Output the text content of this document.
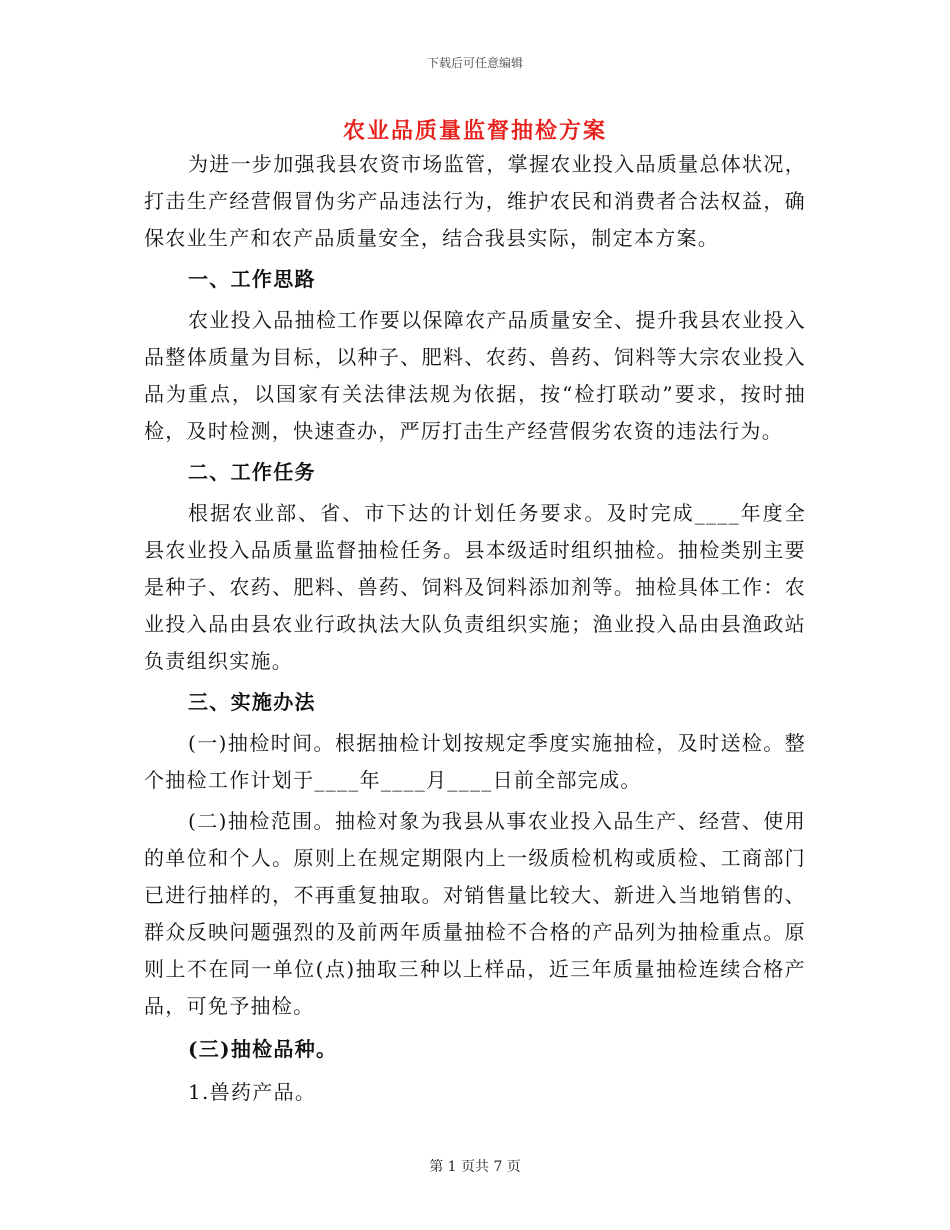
下载后可任意编辑
农业品质量监督抽检方案

为进一步加强我县农资市场监管，掌握农业投入品质量总体状况，打击生产经营假冒伪劣产品违法行为，维护农民和消费者合法权益，确保农业生产和农产品质量安全，结合我县实际，制定本方案。

一、工作思路

农业投入品抽检工作要以保障农产品质量安全、提升我县农业投入品整体质量为目标，以种子、肥料、农药、兽药、饲料等大宗农业投入品为重点，以国家有关法律法规为依据，按“检打联动”要求，按时抽检，及时检测，快速查办，严厉打击生产经营假劣农资的违法行为。

二、工作任务

根据农业部、省、市下达的计划任务要求。及时完成____年度全县农业投入品质量监督抽检任务。县本级适时组织抽检。抽检类别主要是种子、农药、肥料、兽药、饲料及饲料添加剂等。抽检具体工作：农业投入品由县农业行政执法大队负责组织实施；渔业投入品由县渔政站负责组织实施。

三、实施办法

(一)抽检时间。根据抽检计划按规定季度实施抽检，及时送检。整个抽检工作计划于____年____月____日前全部完成。

(二)抽检范围。抽检对象为我县从事农业投入品生产、经营、使用的单位和个人。原则上在规定期限内上一级质检机构或质检、工商部门已进行抽样的，不再重复抽取。对销售量比较大、新进入当地销售的、群众反映问题强烈的及前两年质量抽检不合格的产品列为抽检重点。原则上不在同一单位(点)抽取三种以上样品，近三年质量抽检连续合格产品，可免予抽检。

(三)抽检品种。

1.兽药产品。

第 1 页共 7 页
